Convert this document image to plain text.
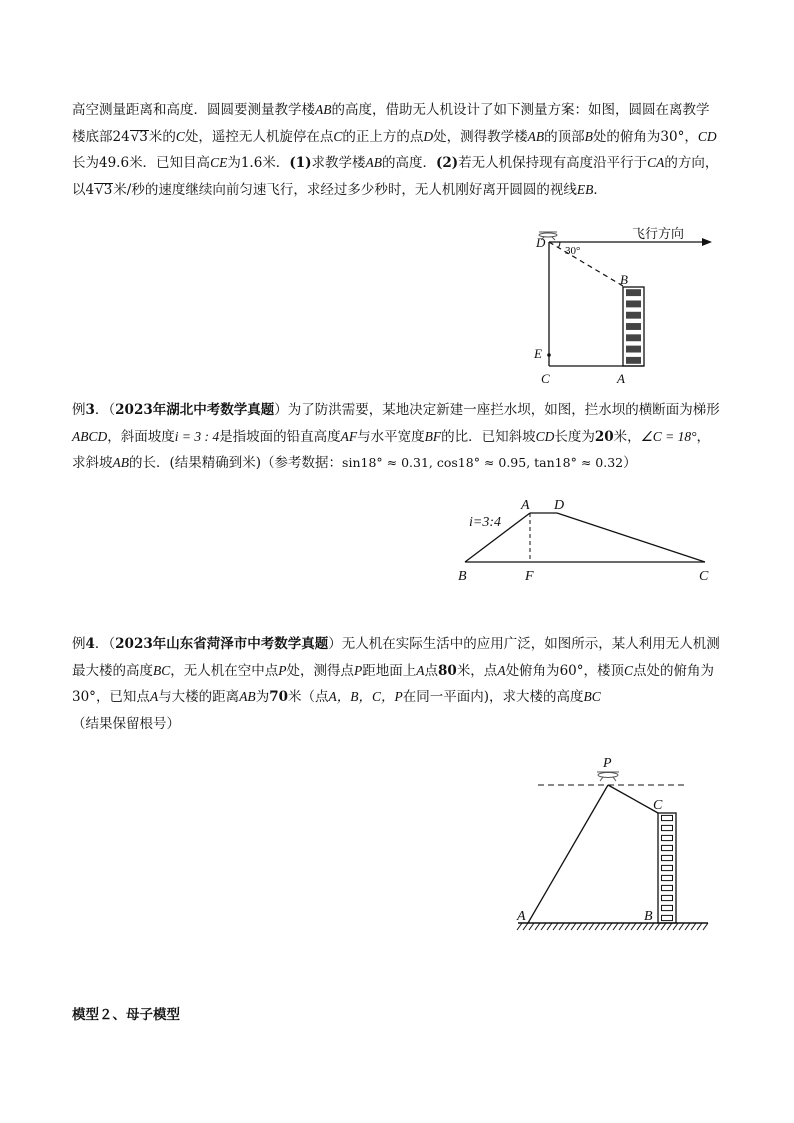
高空测量距离和高度．圆圆要测量教学楼AB的高度，借助无人机设计了如下测量方案：如图，圆圆在离教学楼底部24√3米的C处，遥控无人机旋停在点C的正上方的点D处，测得教学楼AB的顶部B处的俯角为30°，CD长为49.6米．已知目高CE为1.6米．(1)求教学楼AB的高度．(2)若无人机保持现有高度沿平行于CA的方向，以4√3米/秒的速度继续向前匀速飞行，求经过多少秒时，无人机刚好离开圆圆的视线EB．

飞行方向
30°
D
B
E
C	A

例3．（2023年湖北中考数学真题）为了防洪需要，某地决定新建一座拦水坝，如图，拦水坝的横断面为梯形ABCD，斜面坡度i = 3 : 4是指坡面的铅直高度AF与水平宽度BF的比．已知斜坡CD长度为20米，∠C = 18°，求斜坡AB的长．(结果精确到米)（参考数据：sin18° ≈ 0.31, cos18° ≈ 0.95, tan18° ≈ 0.32）

i=3:4
A D
B	F	C

例4．（2023年山东省菏泽市中考数学真题）无人机在实际生活中的应用广泛，如图所示，某人利用无人机测最大楼的高度BC，无人机在空中点P处，测得点P距地面上A点80米，点A处俯角为60°，楼顶C点处的俯角为30°，已知点A与大楼的距离AB为70米（点A，B，C，P在同一平面内)，求大楼的高度BC
（结果保留根号）

P
C
A	B

模型２、母子模型
